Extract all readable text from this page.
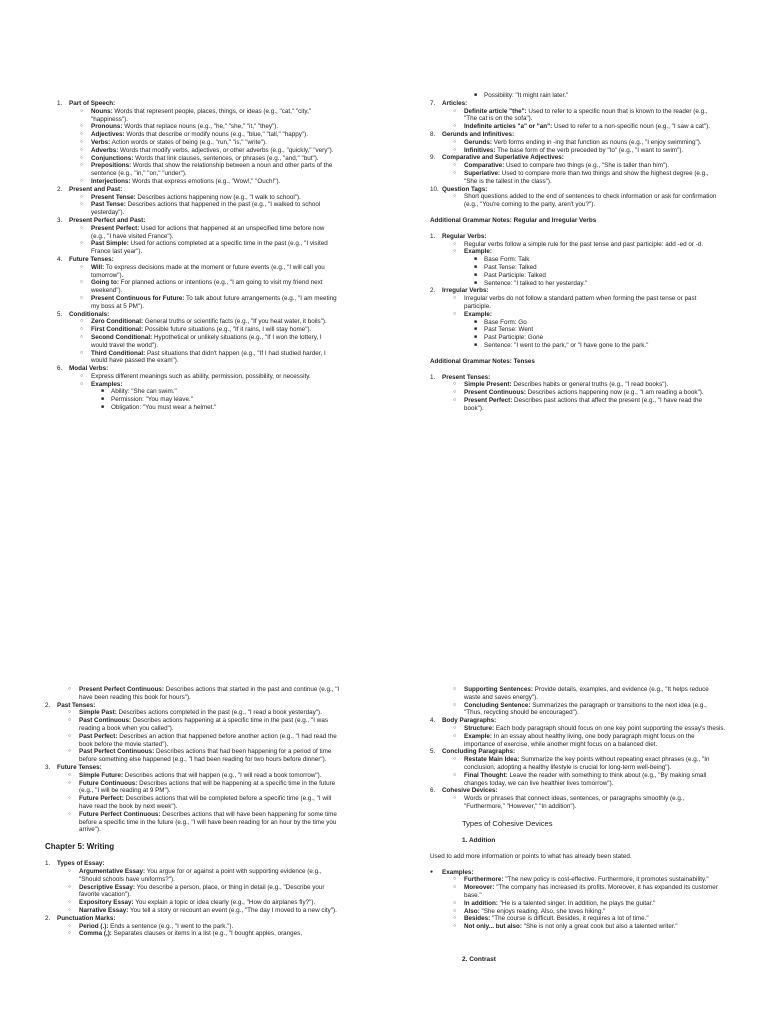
1. Part of Speech:
○ Nouns: Words that represent people, places, things, or ideas (e.g., "cat," "city," "happiness").
○ Pronouns: Words that replace nouns (e.g., "he," "she," "it," "they").
○ Adjectives: Words that describe or modify nouns (e.g., "blue," "tall," "happy").
○ Verbs: Action words or states of being (e.g., "run," "is," "write").
○ Adverbs: Words that modify verbs, adjectives, or other adverbs (e.g., "quickly," "very").
○ Conjunctions: Words that link clauses, sentences, or phrases (e.g., "and," "but").
○ Prepositions: Words that show the relationship between a noun and other parts of the sentence (e.g., "in," "on," "under").
○ Interjections: Words that express emotions (e.g., "Wow!," "Ouch!").
2. Present and Past:
○ Present Tense: Describes actions happening now (e.g., "I walk to school").
○ Past Tense: Describes actions that happened in the past (e.g., "I walked to school yesterday").
3. Present Perfect and Past:
○ Present Perfect: Used for actions that happened at an unspecified time before now (e.g., "I have visited France").
○ Past Simple: Used for actions completed at a specific time in the past (e.g., "I visited France last year").
4. Future Tenses:
○ Will: To express decisions made at the moment or future events (e.g., "I will call you tomorrow").
○ Going to: For planned actions or intentions (e.g., "I am going to visit my friend next weekend").
○ Present Continuous for Future: To talk about future arrangements (e.g., "I am meeting my boss at 5 PM").
5. Conditionals:
○ Zero Conditional: General truths or scientific facts (e.g., "If you heat water, it boils").
○ First Conditional: Possible future situations (e.g., "If it rains, I will stay home").
○ Second Conditional: Hypothetical or unlikely situations (e.g., "If I won the lottery, I would travel the world").
○ Third Conditional: Past situations that didn't happen (e.g., "If I had studied harder, I would have passed the exam").
6. Modal Verbs:
○ Express different meanings such as ability, permission, possibility, or necessity.
○ Examples:
■ Ability: "She can swim."
■ Permission: "You may leave."
■ Obligation: "You must wear a helmet."
■ Possibility: "It might rain later."
7. Articles:
○ Definite article "the": Used to refer to a specific noun that is known to the reader (e.g., "The cat is on the sofa").
○ Indefinite articles "a" or "an": Used to refer to a non-specific noun (e.g., "I saw a cat").
8. Gerunds and Infinitives:
○ Gerunds: Verb forms ending in -ing that function as nouns (e.g., "I enjoy swimming").
○ Infinitives: The base form of the verb preceded by "to" (e.g., "I want to swim").
9. Comparative and Superlative Adjectives:
○ Comparative: Used to compare two things (e.g., "She is taller than him").
○ Superlative: Used to compare more than two things and show the highest degree (e.g., "She is the tallest in the class").
10. Question Tags:
○ Short questions added to the end of sentences to check information or ask for confirmation (e.g., "You're coming to the party, aren't you?").

Additional Grammar Notes: Regular and Irregular Verbs

1. Regular Verbs:
○ Regular verbs follow a simple rule for the past tense and past participle: add -ed or -d.
○ Example:
■ Base Form: Talk
■ Past Tense: Talked
■ Past Participle: Talked
■ Sentence: "I talked to her yesterday."
2. Irregular Verbs:
○ Irregular verbs do not follow a standard pattern when forming the past tense or past participle.
○ Example:
■ Base Form: Go
■ Past Tense: Went
■ Past Participle: Gone
■ Sentence: "I went to the park," or "I have gone to the park."

Additional Grammar Notes: Tenses

1. Present Tenses:
○ Simple Present: Describes habits or general truths (e.g., "I read books").
○ Present Continuous: Describes actions happening now (e.g., "I am reading a book").
○ Present Perfect: Describes past actions that affect the present (e.g., "I have read the book").
○ Present Perfect Continuous: Describes actions that started in the past and continue (e.g., "I have been reading this book for hours").
2. Past Tenses:
○ Simple Past: Describes actions completed in the past (e.g., "I read a book yesterday").
○ Past Continuous: Describes actions happening at a specific time in the past (e.g., "I was reading a book when you called").
○ Past Perfect: Describes an action that happened before another action (e.g., "I had read the book before the movie started").
○ Past Perfect Continuous: Describes actions that had been happening for a period of time before something else happened (e.g., "I had been reading for two hours before dinner").
3. Future Tenses:
○ Simple Future: Describes actions that will happen (e.g., "I will read a book tomorrow").
○ Future Continuous: Describes actions that will be happening at a specific time in the future (e.g., "I will be reading at 9 PM").
○ Future Perfect: Describes actions that will be completed before a specific time (e.g., "I will have read the book by next week").
○ Future Perfect Continuous: Describes actions that will have been happening for some time before a specific time in the future (e.g., "I will have been reading for an hour by the time you arrive").

Chapter 5: Writing

1. Types of Essay:
○ Argumentative Essay: You argue for or against a point with supporting evidence (e.g., "Should schools have uniforms?").
○ Descriptive Essay: You describe a person, place, or thing in detail (e.g., "Describe your favorite vacation").
○ Expository Essay: You explain a topic or idea clearly (e.g., "How do airplanes fly?").
○ Narrative Essay: You tell a story or recount an event (e.g., "The day I moved to a new city").
2. Punctuation Marks:
○ Period (.): Ends a sentence (e.g., "I went to the park.").
○ Comma (,): Separates clauses or items in a list (e.g., "I bought apples, oranges,
○ Supporting Sentences: Provide details, examples, and evidence (e.g., "It helps reduce waste and saves energy").
○ Concluding Sentence: Summarizes the paragraph or transitions to the next idea (e.g., "Thus, recycling should be encouraged").
4. Body Paragraphs:
○ Structure: Each body paragraph should focus on one key point supporting the essay's thesis.
○ Example: In an essay about healthy living, one body paragraph might focus on the importance of exercise, while another might focus on a balanced diet.
5. Concluding Paragraphs:
○ Restate Main Idea: Summarize the key points without repeating exact phrases (e.g., "In conclusion, adopting a healthy lifestyle is crucial for long-term well-being").
○ Final Thought: Leave the reader with something to think about (e.g., "By making small changes today, we can live healthier lives tomorrow").
6. Cohesive Devices:
○ Words or phrases that connect ideas, sentences, or paragraphs smoothly (e.g., "Furthermore," "However," "In addition").

Types of Cohesive Devices

1. Addition

Used to add more information or points to what has already been stated.

● Examples:
○ Furthermore: "The new policy is cost-effective. Furthermore, it promotes sustainability."
○ Moreover: "The company has increased its profits. Moreover, it has expanded its customer base."
○ In addition: "He is a talented singer. In addition, he plays the guitar."
○ Also: "She enjoys reading. Also, she loves hiking."
○ Besides: "The course is difficult. Besides, it requires a lot of time."
○ Not only... but also: "She is not only a great cook but also a talented writer."

2. Contrast
